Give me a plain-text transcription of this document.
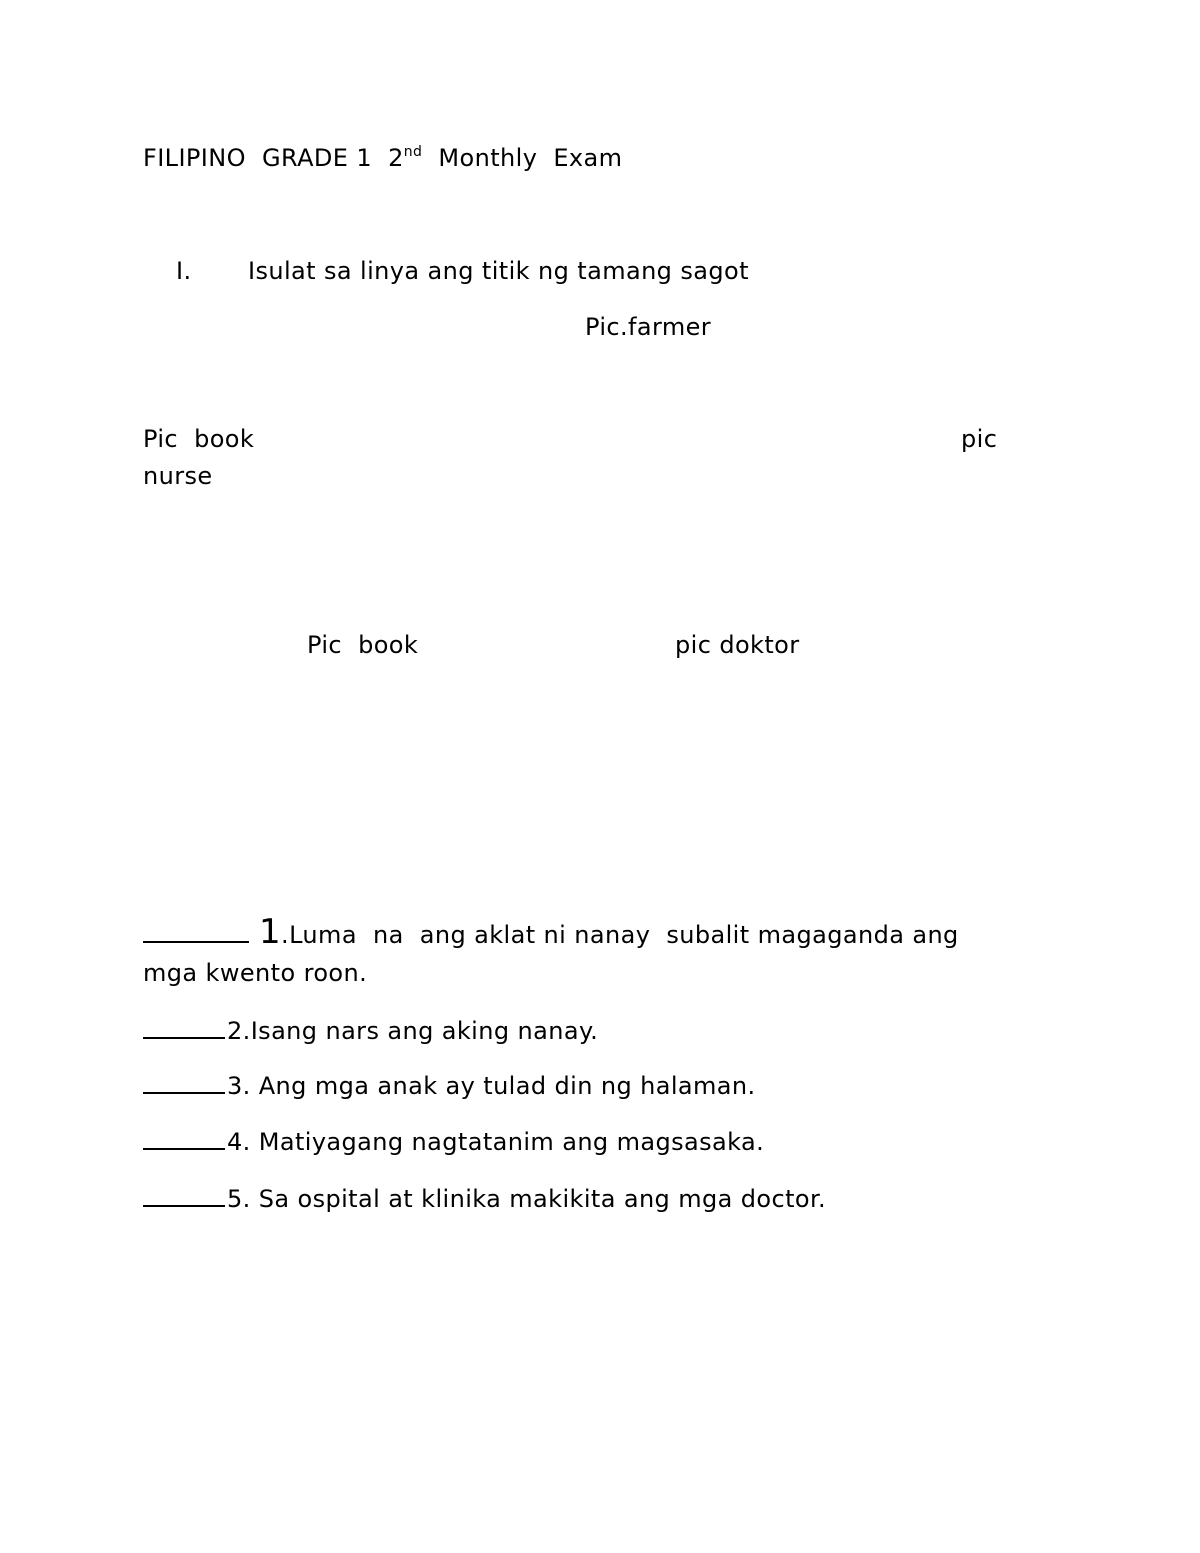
FILIPINO  GRADE 1  2nd  Monthly  Exam
I. Isulat sa linya ang titik ng tamang sagot
Pic.farmer
Pic  book	pic
nurse
Pic  book	pic doktor
1.Luma  na  ang aklat ni nanay  subalit magaganda ang
mga kwento roon.
2.Isang nars ang aking nanay.
3. Ang mga anak ay tulad din ng halaman.
4. Matiyagang nagtatanim ang magsasaka.
5. Sa ospital at klinika makikita ang mga doctor.
